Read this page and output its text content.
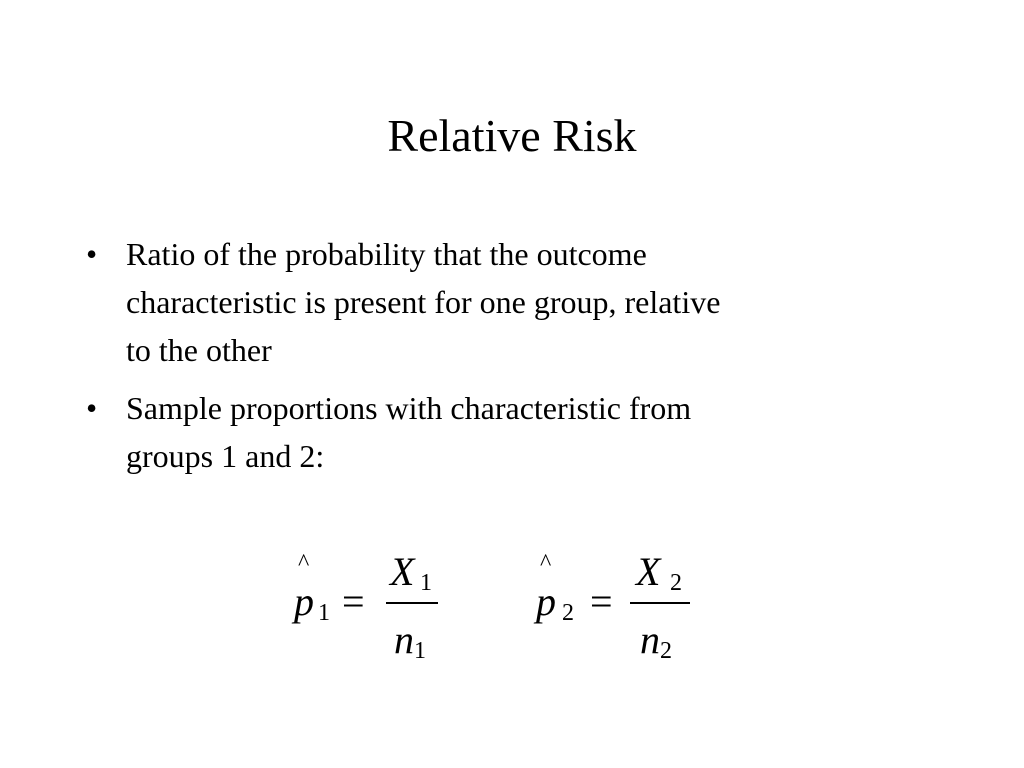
Relative Risk
• Ratio of the probability that the outcome
characteristic is present for one group, relative
to the other
• Sample proportions with characteristic from
groups 1 and 2:
^
p 1 =
X 1
n 1
^
p 2 =
X 2
n 2
